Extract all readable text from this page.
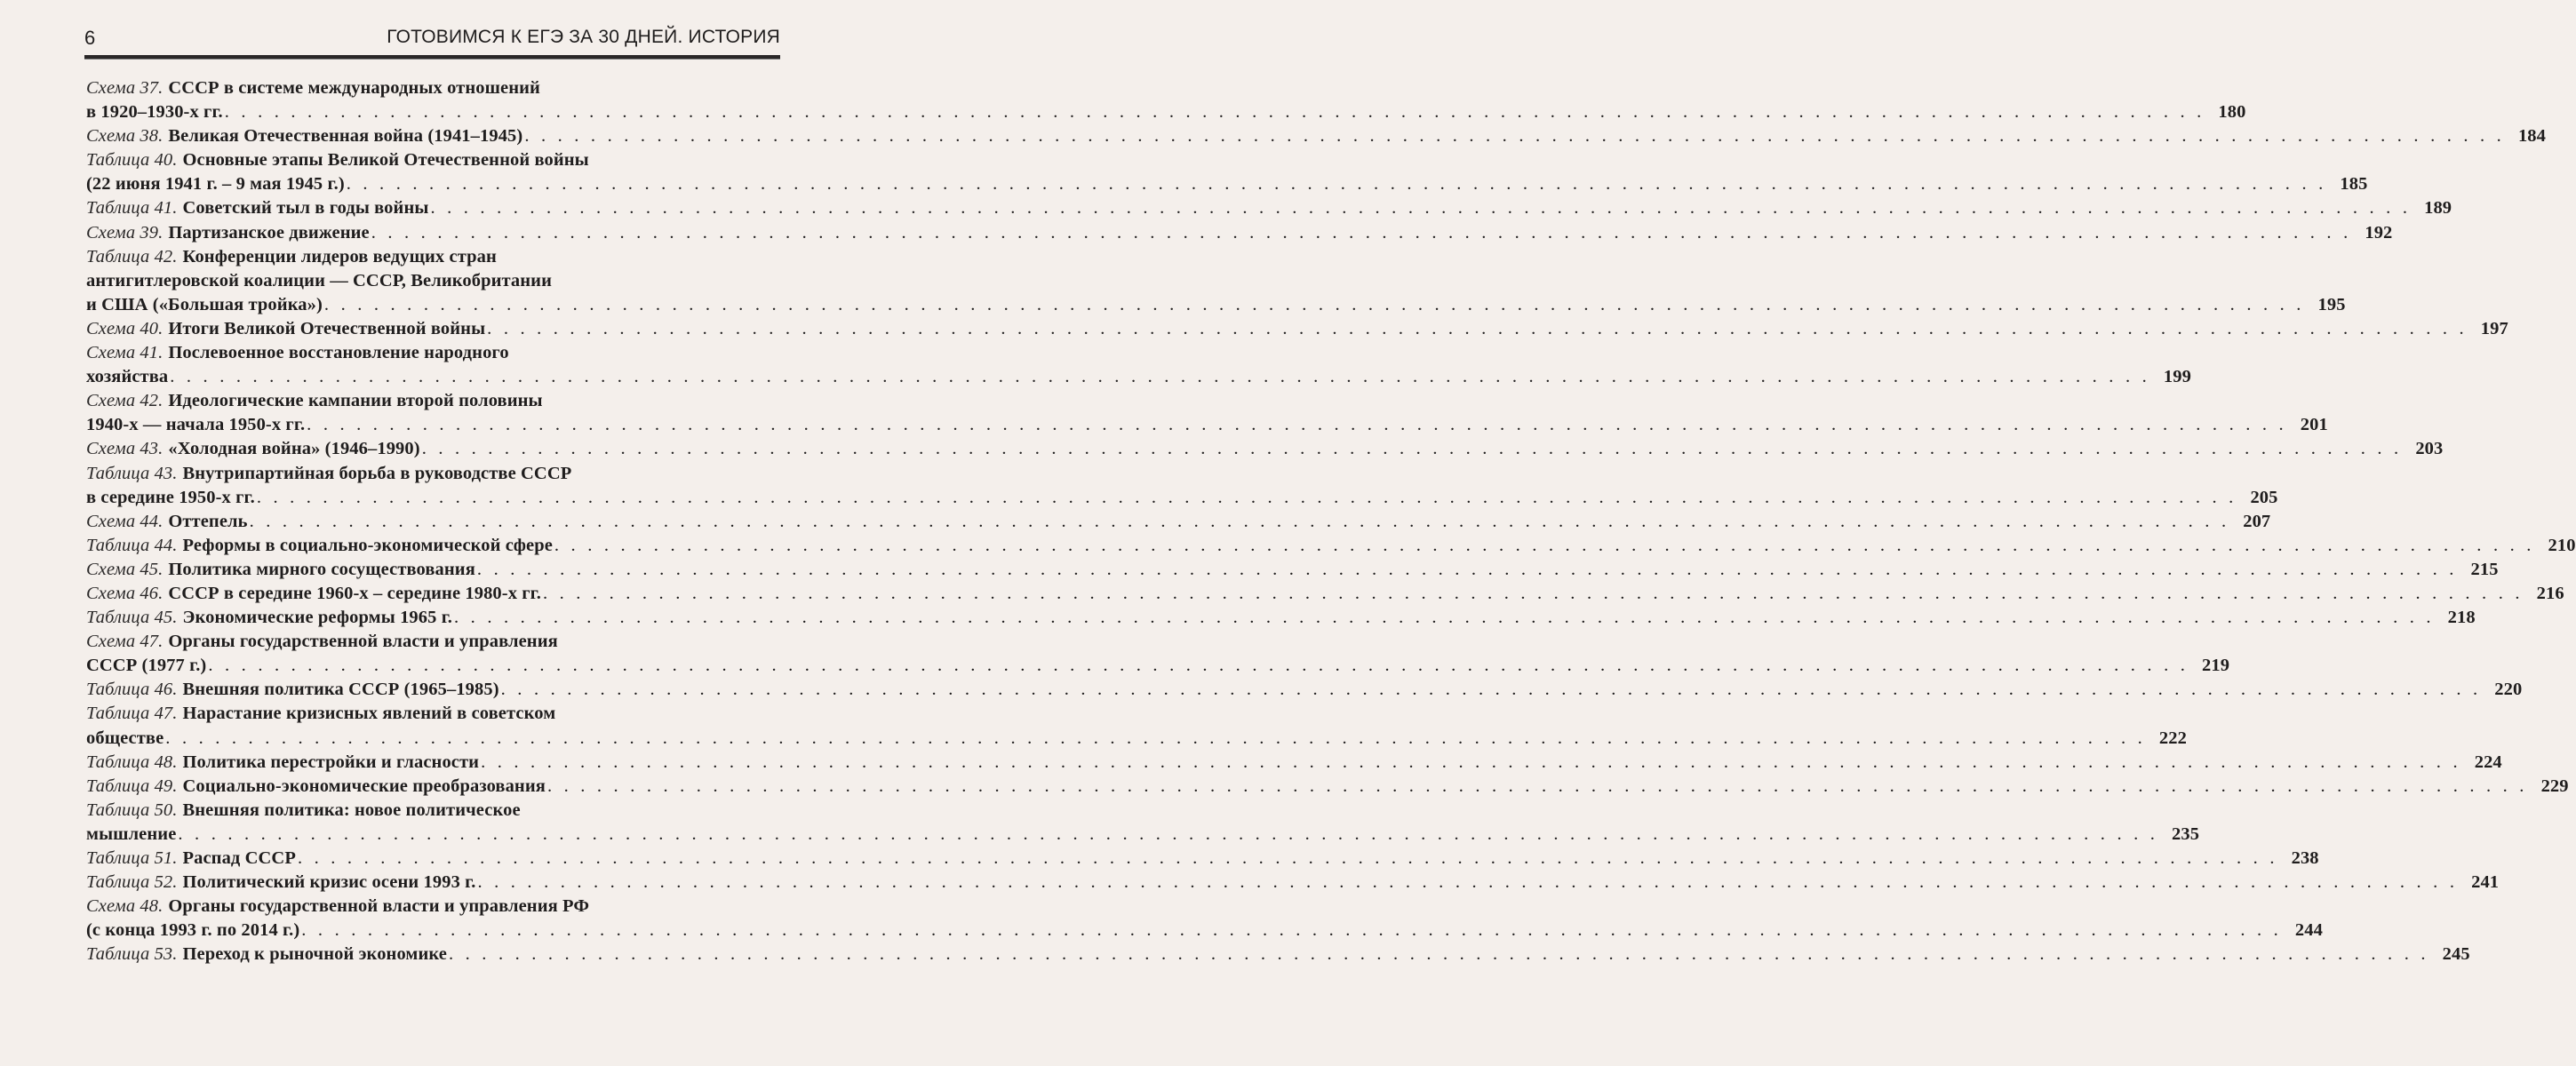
6	ГОТОВИМСЯ К ЕГЭ ЗА 30 ДНЕЙ. ИСТОРИЯ
Схема 37. СССР в системе международных отношений
в 1920–1930-х гг. . . . . . . . . . . . . . . . . . . . . . . . . . . . . . . . . . . . . . . . . . . . . . . . . . . . . . . . . . . . . . . . . . . . . . . . . . . . . . . . . . . . . . . . . . . . . . . . . . . . . . . . . . . . . . . . . . . . . . . . . 180
Схема 38. Великая Отечественная война (1941–1945) . . . . . . . . . . . . . . . . . . . . . . . . . . . . . . . . . . . . . . . . . . . . . . . . . . . . . . . . . . . . . . . . . . . . . . . . . . . . . . . . . . . . . . . . . . . . . . . . . . . . . . . . . . . . . . . . . . . . . . . . 184
Таблица 40. Основные этапы Великой Отечественной войны
(22 июня 1941 г. – 9 мая 1945 г.) . . . . . . . . . . . . . . . . . . . . . . . . . . . . . . . . . . . . . . . . . . . . . . . . . . . . . . . . . . . . . . . . . . . . . . . . . . . . . . . . . . . . . . . . . . . . . . . . . . . . . . . . . . . . . . . . . . . . . . . . 185
Таблица 41. Советский тыл в годы войны . . . . . . . . . . . . . . . . . . . . . . . . . . . . . . . . . . . . . . . . . . . . . . . . . . . . . . . . . . . . . . . . . . . . . . . . . . . . . . . . . . . . . . . . . . . . . . . . . . . . . . . . . . . . . . . . . . . . . . . . 189
Схема 39. Партизанское движение . . . . . . . . . . . . . . . . . . . . . . . . . . . . . . . . . . . . . . . . . . . . . . . . . . . . . . . . . . . . . . . . . . . . . . . . . . . . . . . . . . . . . . . . . . . . . . . . . . . . . . . . . . . . . . . . . . . . . . . . 192
Таблица 42. Конференции лидеров ведущих стран
антигитлеровской коалиции — СССР, Великобритании
и США («Большая тройка») . . . . . . . . . . . . . . . . . . . . . . . . . . . . . . . . . . . . . . . . . . . . . . . . . . . . . . . . . . . . . . . . . . . . . . . . . . . . . . . . . . . . . . . . . . . . . . . . . . . . . . . . . . . . . . . . . . . . . . . . 195
Схема 40. Итоги Великой Отечественной войны . . . . . . . . . . . . . . . . . . . . . . . . . . . . . . . . . . . . . . . . . . . . . . . . . . . . . . . . . . . . . . . . . . . . . . . . . . . . . . . . . . . . . . . . . . . . . . . . . . . . . . . . . . . . . . . . . . . . . . . . 197
Схема 41. Послевоенное восстановление народного
хозяйства . . . . . . . . . . . . . . . . . . . . . . . . . . . . . . . . . . . . . . . . . . . . . . . . . . . . . . . . . . . . . . . . . . . . . . . . . . . . . . . . . . . . . . . . . . . . . . . . . . . . . . . . . . . . . . . . . . . . . . . . 199
Схема 42. Идеологические кампании второй половины
1940-х — начала 1950-х гг. . . . . . . . . . . . . . . . . . . . . . . . . . . . . . . . . . . . . . . . . . . . . . . . . . . . . . . . . . . . . . . . . . . . . . . . . . . . . . . . . . . . . . . . . . . . . . . . . . . . . . . . . . . . . . . . . . . . . . . . . 201
Схема 43. «Холодная война» (1946–1990) . . . . . . . . . . . . . . . . . . . . . . . . . . . . . . . . . . . . . . . . . . . . . . . . . . . . . . . . . . . . . . . . . . . . . . . . . . . . . . . . . . . . . . . . . . . . . . . . . . . . . . . . . . . . . . . . . . . . . . . . 203
Таблица 43. Внутрипартийная борьба в руководстве СССР
в середине 1950-х гг. . . . . . . . . . . . . . . . . . . . . . . . . . . . . . . . . . . . . . . . . . . . . . . . . . . . . . . . . . . . . . . . . . . . . . . . . . . . . . . . . . . . . . . . . . . . . . . . . . . . . . . . . . . . . . . . . . . . . . . . . 205
Схема 44. Оттепель . . . . . . . . . . . . . . . . . . . . . . . . . . . . . . . . . . . . . . . . . . . . . . . . . . . . . . . . . . . . . . . . . . . . . . . . . . . . . . . . . . . . . . . . . . . . . . . . . . . . . . . . . . . . . . . . . . . . . . . . 207
Таблица 44. Реформы в социально-экономической сфере . . . . . . . . . . . . . . . . . . . . . . . . . . . . . . . . . . . . . . . . . . . . . . . . . . . . . . . . . . . . . . . . . . . . . . . . . . . . . . . . . . . . . . . . . . . . . . . . . . . . . . . . . . . . . . . . . . . . . . . . 210
Схема 45. Политика мирного сосуществования . . . . . . . . . . . . . . . . . . . . . . . . . . . . . . . . . . . . . . . . . . . . . . . . . . . . . . . . . . . . . . . . . . . . . . . . . . . . . . . . . . . . . . . . . . . . . . . . . . . . . . . . . . . . . . . . . . . . . . . . 215
Схема 46. СССР в середине 1960-х – середине 1980-х гг. . . . . . . . . . . . . . . . . . . . . . . . . . . . . . . . . . . . . . . . . . . . . . . . . . . . . . . . . . . . . . . . . . . . . . . . . . . . . . . . . . . . . . . . . . . . . . . . . . . . . . . . . . . . . . . . . . . . . . . . . 216
Таблица 45. Экономические реформы 1965 г. . . . . . . . . . . . . . . . . . . . . . . . . . . . . . . . . . . . . . . . . . . . . . . . . . . . . . . . . . . . . . . . . . . . . . . . . . . . . . . . . . . . . . . . . . . . . . . . . . . . . . . . . . . . . . . . . . . . . . . . . 218
Схема 47. Органы государственной власти и управления
СССР (1977 г.) . . . . . . . . . . . . . . . . . . . . . . . . . . . . . . . . . . . . . . . . . . . . . . . . . . . . . . . . . . . . . . . . . . . . . . . . . . . . . . . . . . . . . . . . . . . . . . . . . . . . . . . . . . . . . . . . . . . . . . . . 219
Таблица 46. Внешняя политика СССР (1965–1985) . . . . . . . . . . . . . . . . . . . . . . . . . . . . . . . . . . . . . . . . . . . . . . . . . . . . . . . . . . . . . . . . . . . . . . . . . . . . . . . . . . . . . . . . . . . . . . . . . . . . . . . . . . . . . . . . . . . . . . . . 220
Таблица 47. Нарастание кризисных явлений в советском
обществе . . . . . . . . . . . . . . . . . . . . . . . . . . . . . . . . . . . . . . . . . . . . . . . . . . . . . . . . . . . . . . . . . . . . . . . . . . . . . . . . . . . . . . . . . . . . . . . . . . . . . . . . . . . . . . . . . . . . . . . . 222
Таблица 48. Политика перестройки и гласности . . . . . . . . . . . . . . . . . . . . . . . . . . . . . . . . . . . . . . . . . . . . . . . . . . . . . . . . . . . . . . . . . . . . . . . . . . . . . . . . . . . . . . . . . . . . . . . . . . . . . . . . . . . . . . . . . . . . . . . . 224
Таблица 49. Социально-экономические преобразования . . . . . . . . . . . . . . . . . . . . . . . . . . . . . . . . . . . . . . . . . . . . . . . . . . . . . . . . . . . . . . . . . . . . . . . . . . . . . . . . . . . . . . . . . . . . . . . . . . . . . . . . . . . . . . . . . . . . . . . . 229
Таблица 50. Внешняя политика: новое политическое
мышление . . . . . . . . . . . . . . . . . . . . . . . . . . . . . . . . . . . . . . . . . . . . . . . . . . . . . . . . . . . . . . . . . . . . . . . . . . . . . . . . . . . . . . . . . . . . . . . . . . . . . . . . . . . . . . . . . . . . . . . . 235
Таблица 51. Распад СССР . . . . . . . . . . . . . . . . . . . . . . . . . . . . . . . . . . . . . . . . . . . . . . . . . . . . . . . . . . . . . . . . . . . . . . . . . . . . . . . . . . . . . . . . . . . . . . . . . . . . . . . . . . . . . . . . . . . . . . . . 238
Таблица 52. Политический кризис осени 1993 г. . . . . . . . . . . . . . . . . . . . . . . . . . . . . . . . . . . . . . . . . . . . . . . . . . . . . . . . . . . . . . . . . . . . . . . . . . . . . . . . . . . . . . . . . . . . . . . . . . . . . . . . . . . . . . . . . . . . . . . . . 241
Схема 48. Органы государственной власти и управления РФ
(с конца 1993 г. по 2014 г.) . . . . . . . . . . . . . . . . . . . . . . . . . . . . . . . . . . . . . . . . . . . . . . . . . . . . . . . . . . . . . . . . . . . . . . . . . . . . . . . . . . . . . . . . . . . . . . . . . . . . . . . . . . . . . . . . . . . . . . . . 244
Таблица 53. Переход к рыночной экономике . . . . . . . . . . . . . . . . . . . . . . . . . . . . . . . . . . . . . . . . . . . . . . . . . . . . . . . . . . . . . . . . . . . . . . . . . . . . . . . . . . . . . . . . . . . . . . . . . . . . . . . . . . . . . . . . . . . . . . . . 245
